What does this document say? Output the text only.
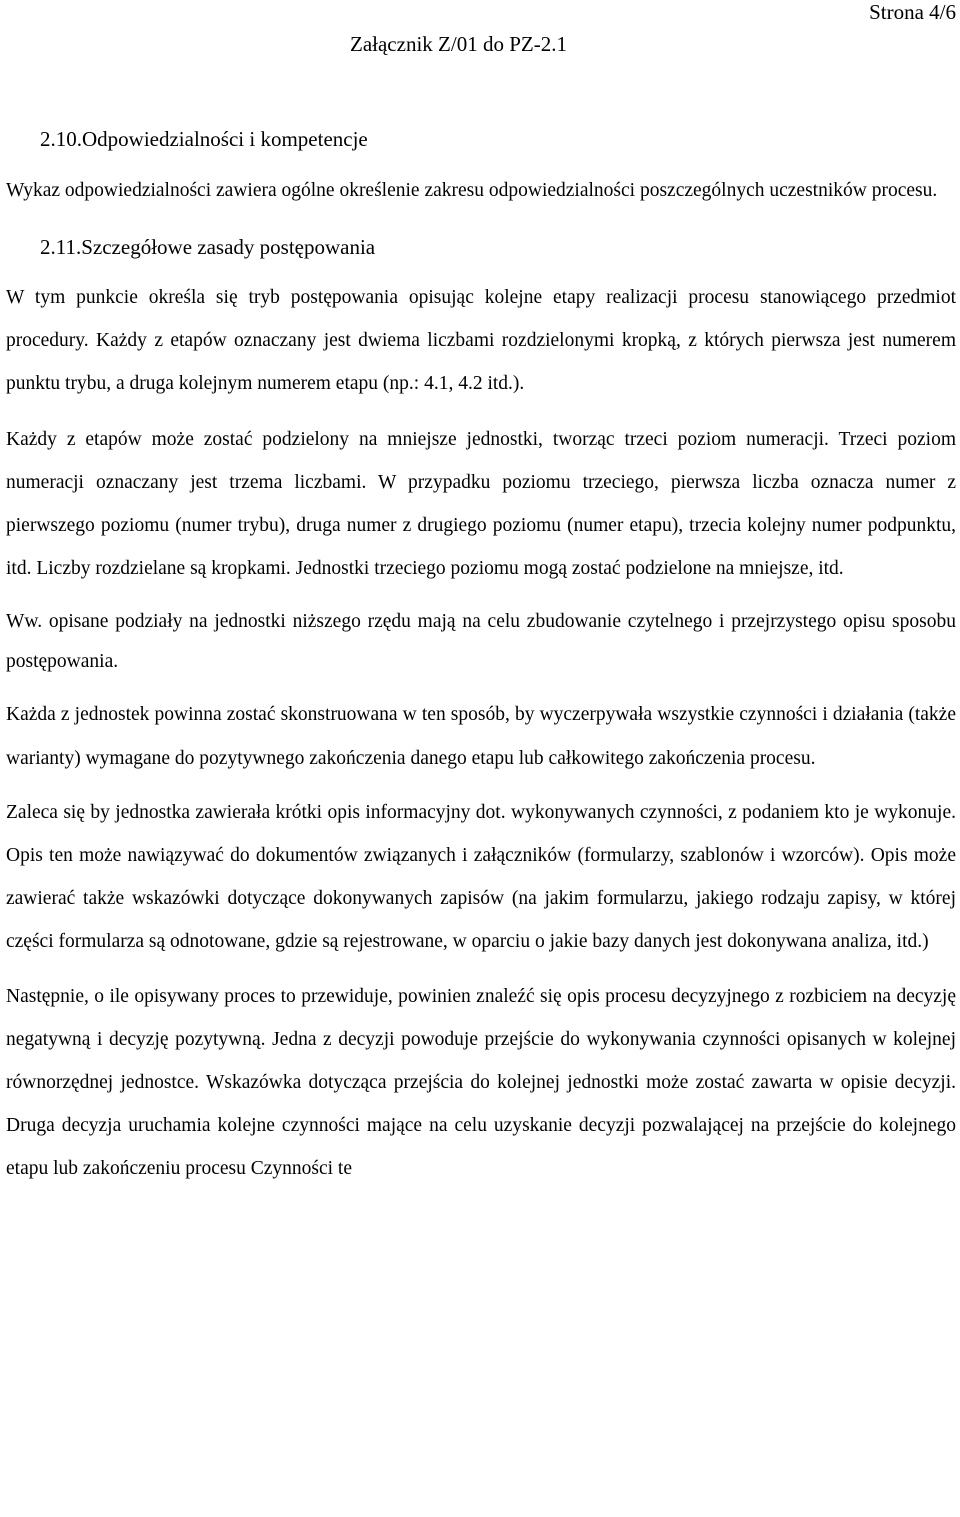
Strona 4/6
Załącznik Z/01 do PZ-2.1
2.10.Odpowiedzialności i kompetencje

Wykaz odpowiedzialności zawiera ogólne określenie zakresu odpowiedzialności poszczególnych uczestników procesu.

2.11.Szczegółowe zasady postępowania

W tym punkcie określa się tryb postępowania opisując kolejne etapy realizacji procesu stanowiącego przedmiot procedury. Każdy z etapów oznaczany jest dwiema liczbami rozdzielonymi kropką, z których pierwsza jest numerem punktu trybu, a druga kolejnym numerem etapu (np.: 4.1, 4.2 itd.).

Każdy z etapów może zostać podzielony na mniejsze jednostki, tworząc trzeci poziom numeracji. Trzeci poziom numeracji oznaczany jest trzema liczbami. W przypadku poziomu trzeciego, pierwsza liczba oznacza numer z pierwszego poziomu (numer trybu), druga numer z drugiego poziomu (numer etapu), trzecia kolejny numer podpunktu, itd. Liczby rozdzielane są kropkami. Jednostki trzeciego poziomu mogą zostać podzielone na mniejsze, itd.

Ww. opisane podziały na jednostki niższego rzędu mają na celu zbudowanie czytelnego i przejrzystego opisu sposobu postępowania.

Każda z jednostek powinna zostać skonstruowana w ten sposób, by wyczerpywała wszystkie czynności i działania (także warianty) wymagane do pozytywnego zakończenia danego etapu lub całkowitego zakończenia procesu.

Zaleca się by jednostka zawierała krótki opis informacyjny dot. wykonywanych czynności, z podaniem kto je wykonuje. Opis ten może nawiązywać do dokumentów związanych i załączników (formularzy, szablonów i wzorców). Opis może zawierać także wskazówki dotyczące dokonywanych zapisów (na jakim formularzu, jakiego rodzaju zapisy, w której części formularza są odnotowane, gdzie są rejestrowane, w oparciu o jakie bazy danych jest dokonywana analiza, itd.)

Następnie, o ile opisywany proces to przewiduje, powinien znaleźć się opis procesu decyzyjnego z rozbiciem na decyzję negatywną i decyzję pozytywną. Jedna z decyzji powoduje przejście do wykonywania czynności opisanych w kolejnej równorzędnej jednostce. Wskazówka dotycząca przejścia do kolejnej jednostki może zostać zawarta w opisie decyzji. Druga decyzja uruchamia kolejne czynności mające na celu uzyskanie decyzji pozwalającej na przejście do kolejnego etapu lub zakończeniu procesu Czynności te
